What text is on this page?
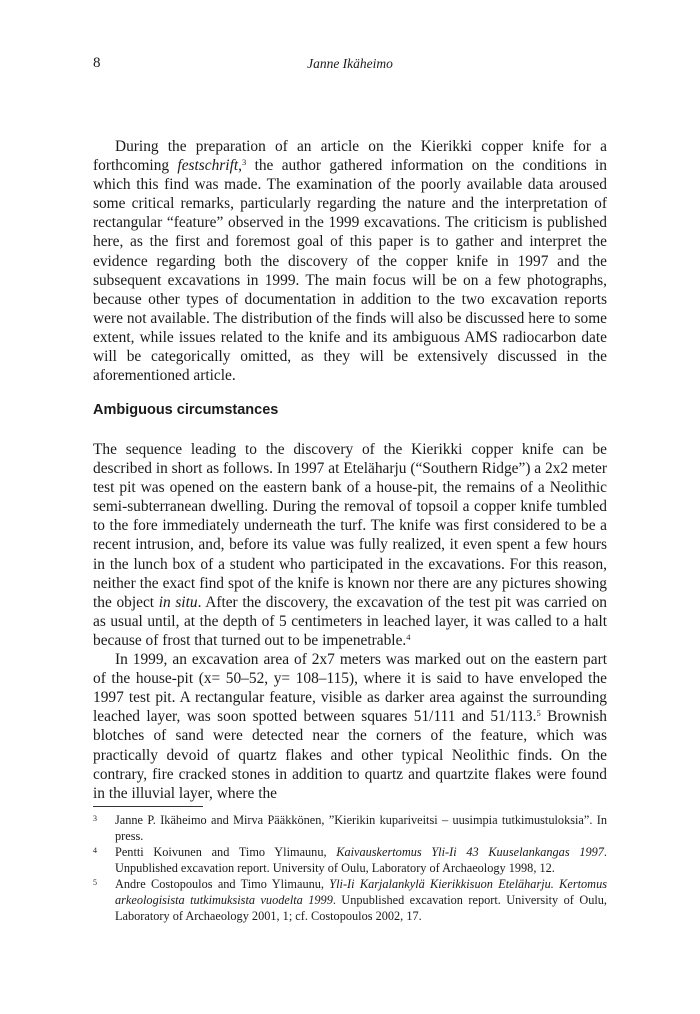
8	Janne Ikäheimo

During the preparation of an article on the Kierikki copper knife for a forthcoming festschrift,$^3$ the author gathered information on the conditions in which this find was made. The examination of the poorly available data aroused some critical remarks, particularly regarding the nature and the interpretation of rectangular “feature” observed in the 1999 excavations. The criticism is published here, as the first and foremost goal of this paper is to gather and interpret the evidence regarding both the discovery of the copper knife in 1997 and the subsequent excavations in 1999. The main focus will be on a few photographs, because other types of documentation in addition to the two excavation reports were not available. The distribution of the finds will also be discussed here to some extent, while issues related to the knife and its ambiguous AMS radiocarbon date will be categorically omitted, as they will be extensively discussed in the aforementioned article.

Ambiguous circumstances

The sequence leading to the discovery of the Kierikki copper knife can be described in short as follows. In 1997 at Eteläharju (“Southern Ridge”) a 2x2 meter test pit was opened on the eastern bank of a house-pit, the remains of a Neolithic semi-subterranean dwelling. During the removal of topsoil a copper knife tumbled to the fore immediately underneath the turf. The knife was first considered to be a recent intrusion, and, before its value was fully realized, it even spent a few hours in the lunch box of a student who participated in the excavations. For this reason, neither the exact find spot of the knife is known nor there are any pictures showing the object in situ. After the discovery, the excavation of the test pit was carried on as usual until, at the depth of 5 centimeters in leached layer, it was called to a halt because of frost that turned out to be impenetrable.$^4$

In 1999, an excavation area of 2x7 meters was marked out on the eastern part of the house-pit (x= 50–52, y= 108–115), where it is said to have enveloped the 1997 test pit. A rectangular feature, visible as darker area against the surrounding leached layer, was soon spotted between squares 51/111 and 51/113.$^5$ Brownish blotches of sand were detected near the corners of the feature, which was practically devoid of quartz flakes and other typical Neolithic finds. On the contrary, fire cracked stones in addition to quartz and quartzite flakes were found in the illuvial layer, where the

3 Janne P. Ikäheimo and Mirva Pääkkönen, ”Kierikin kupariveitsi – uusimpia tutkimustuloksia”. In press.
4 Pentti Koivunen and Timo Ylimaunu, Kaivauskertomus Yli-Ii 43 Kuuselankangas 1997. Unpublished excavation report. University of Oulu, Laboratory of Archaeology 1998, 12.
5 Andre Costopoulos and Timo Ylimaunu, Yli-Ii Karjalankylä Kierikkisuon Eteläharju. Kertomus arkeologisista tutkimuksista vuodelta 1999. Unpublished excavation report. University of Oulu, Laboratory of Archaeology 2001, 1; cf. Costopoulos 2002, 17.
